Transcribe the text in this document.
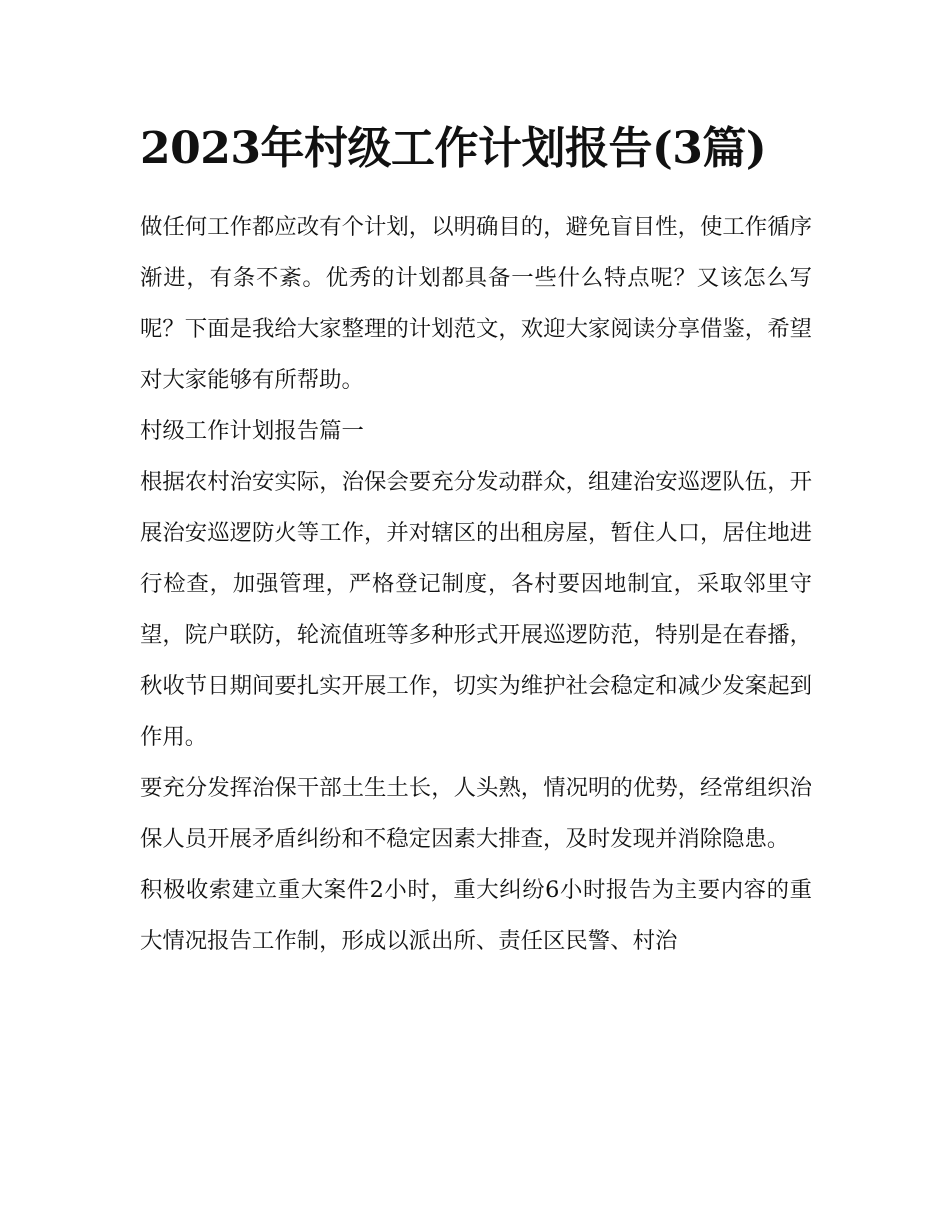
2023年村级工作计划报告(3篇)

做任何工作都应改有个计划，以明确目的，避免盲目性，使工作循序渐进，有条不紊。优秀的计划都具备一些什么特点呢？又该怎么写呢？下面是我给大家整理的计划范文，欢迎大家阅读分享借鉴，希望对大家能够有所帮助。

村级工作计划报告篇一

根据农村治安实际，治保会要充分发动群众，组建治安巡逻队伍，开展治安巡逻防火等工作，并对辖区的出租房屋，暂住人口，居住地进行检查，加强管理，严格登记制度，各村要因地制宜，采取邻里守望，院户联防，轮流值班等多种形式开展巡逻防范，特别是在春播，秋收节日期间要扎实开展工作，切实为维护社会稳定和减少发案起到作用。

要充分发挥治保干部土生土长，人头熟，情况明的优势，经常组织治保人员开展矛盾纠纷和不稳定因素大排查，及时发现并消除隐患。

积极收索建立重大案件2小时，重大纠纷6小时报告为主要内容的重大情况报告工作制，形成以派出所、责任区民警、村治
